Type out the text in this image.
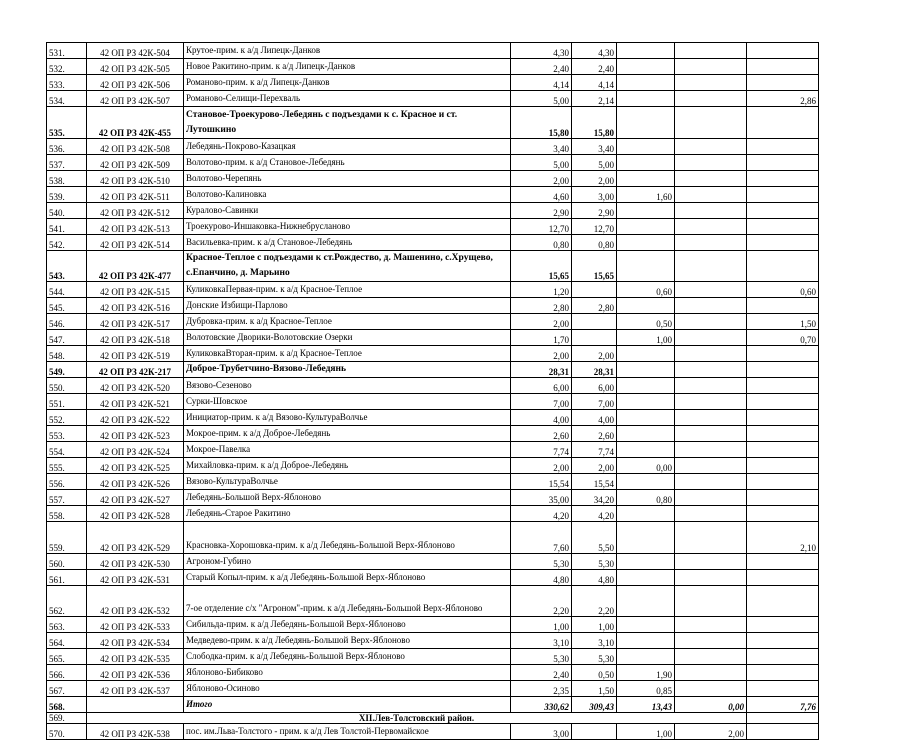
531.	42 ОП РЗ 42К-504	Крутое-прим. к а/д Липецк-Данков	4,30	4,30			
532.	42 ОП РЗ 42К-505	Новое Ракитино-прим. к а/д Липецк-Данков	2,40	2,40			
533.	42 ОП РЗ 42К-506	Романово-прим. к а/д Липецк-Данков	4,14	4,14			
534.	42 ОП РЗ 42К-507	Романово-Селищи-Перехваль	5,00	2,14			2,86
535.	42 ОП РЗ 42К-455	Становое-Троекурово-Лебедянь с подъездами к с. Красное и ст. Лутошкино	15,80	15,80			
536.	42 ОП РЗ 42К-508	Лебедянь-Покрово-Казацкая	3,40	3,40			
537.	42 ОП РЗ 42К-509	Волотово-прим. к а/д Становое-Лебедянь	5,00	5,00			
538.	42 ОП РЗ 42К-510	Волотово-Черепянь	2,00	2,00			
539.	42 ОП РЗ 42К-511	Волотово-Калиновка	4,60	3,00	1,60		
540.	42 ОП РЗ 42К-512	Куралово-Савинки	2,90	2,90			
541.	42 ОП РЗ 42К-513	Троекурово-Иншаковка-Нижнебрусланово	12,70	12,70			
542.	42 ОП РЗ 42К-514	Васильевка-прим. к а/д Становое-Лебедянь	0,80	0,80			
543.	42 ОП РЗ 42К-477	Красное-Теплое с подъездами к ст.Рождество, д. Машенино, с.Хрущево, с.Епанчино, д. Марьино	15,65	15,65			
544.	42 ОП РЗ 42К-515	КуликовкаПервая-прим. к а/д Красное-Теплое	1,20		0,60		0,60
545.	42 ОП РЗ 42К-516	Донские Избищи-Парлово	2,80	2,80			
546.	42 ОП РЗ 42К-517	Дубровка-прим. к а/д Красное-Теплое	2,00		0,50		1,50
547.	42 ОП РЗ 42К-518	Волотовские Дворики-Волотовские Озерки	1,70		1,00		0,70
548.	42 ОП РЗ 42К-519	КуликовкаВторая-прим. к а/д Красное-Теплое	2,00	2,00			
549.	42 ОП РЗ 42К-217	Доброе-Трубетчино-Вязово-Лебедянь	28,31	28,31			
550.	42 ОП РЗ 42К-520	Вязово-Сезеново	6,00	6,00			
551.	42 ОП РЗ 42К-521	Сурки-Шовское	7,00	7,00			
552.	42 ОП РЗ 42К-522	Инициатор-прим. к а/д Вязово-КультураВолчье	4,00	4,00			
553.	42 ОП РЗ 42К-523	Мокрое-прим. к а/д Доброе-Лебедянь	2,60	2,60			
554.	42 ОП РЗ 42К-524	Мокрое-Павелка	7,74	7,74			
555.	42 ОП РЗ 42К-525	Михайловка-прим. к а/д Доброе-Лебедянь	2,00	2,00	0,00		
556.	42 ОП РЗ 42К-526	Вязово-КультураВолчье	15,54	15,54			
557.	42 ОП РЗ 42К-527	Лебедянь-Большой Верх-Яблоново	35,00	34,20	0,80		
558.	42 ОП РЗ 42К-528	Лебедянь-Старое Ракитино	4,20	4,20			
559.	42 ОП РЗ 42К-529	Красновка-Хорошовка-прим. к а/д Лебедянь-Большой Верх-Яблоново	7,60	5,50			2,10
560.	42 ОП РЗ 42К-530	Агроном-Губино	5,30	5,30			
561.	42 ОП РЗ 42К-531	Старый Копыл-прим. к а/д Лебедянь-Большой Верх-Яблоново	4,80	4,80			
562.	42 ОП РЗ 42К-532	7-ое отделение с/х "Агроном"-прим. к а/д Лебедянь-Большой Верх-Яблоново	2,20	2,20			
563.	42 ОП РЗ 42К-533	Сибильда-прим. к а/д Лебедянь-Большой Верх-Яблоново	1,00	1,00			
564.	42 ОП РЗ 42К-534	Медведево-прим. к а/д Лебедянь-Большой Верх-Яблоново	3,10	3,10			
565.	42 ОП РЗ 42К-535	Слободка-прим. к а/д Лебедянь-Большой Верх-Яблоново	5,30	5,30			
566.	42 ОП РЗ 42К-536	Яблоново-Бибиково	2,40	0,50	1,90		
567.	42 ОП РЗ 42К-537	Яблоново-Осиново	2,35	1,50	0,85		
568.		Итого	330,62	309,43	13,43	0,00	7,76
569.	XII.Лев-Толстовский район.						
570.	42 ОП РЗ 42К-538	пос. им.Льва-Толстого - прим. к а/д Лев Толстой-Первомайское	3,00		1,00	2,00	
